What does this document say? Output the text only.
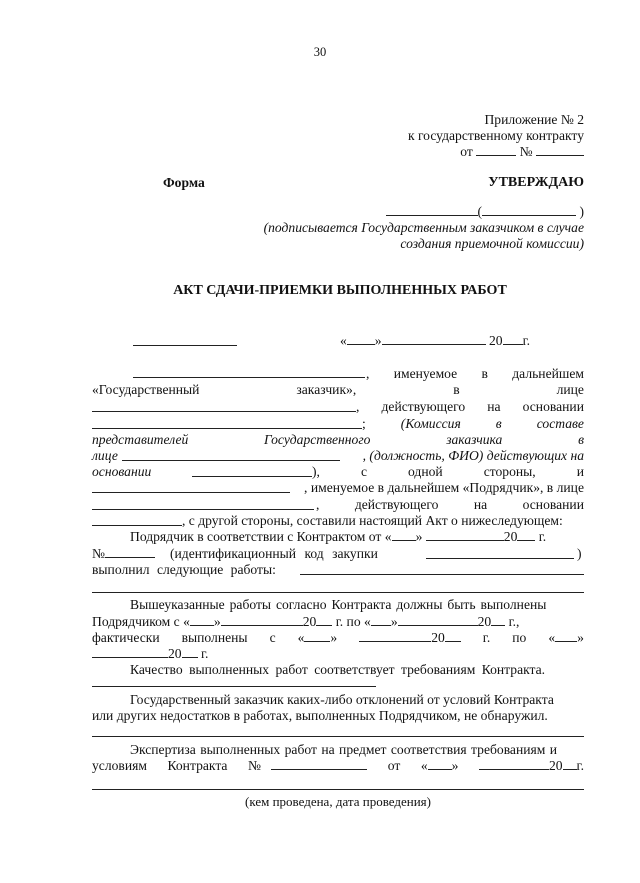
30
Приложение № 2
к государственному контракту
от	№
Форма	УТВЕРЖДАЮ
(	)
(подписывается Государственным заказчиком в случае
создания приемочной комиссии)
АКТ СДАЧИ-ПРИЕМКИ ВЫПОЛНЕННЫХ РАБОТ
« »	20 г.
, именуемое в дальнейшем
«Государственный	заказчик»,	в	лице
, действующего на основании
;	(Комиссия	в	составе
представителей	Государственного	заказчика	в
лице	, (должность, ФИО) действующих на
основании	),	с	одной	стороны,	и
, именуемое в дальнейшем «Подрядчик», в лице
,	действующего	на	основании
, с другой стороны, составили настоящий Акт о нижеследующем:
Подрядчик в соответствии с Контрактом от « »	20 г.
№	(идентификационный код закупки	)
выполнил следующие работы:
Вышеуказанные работы согласно Контракта должны быть выполнены
Подрядчиком с « »	20 г. по « »	20 г.,
фактически выполнены с « »	20	г. по « »
20 г.
Качество выполненных работ соответствует требованиям Контракта.
Государственный заказчик каких-либо отклонений от условий Контракта
или других недостатков в работах, выполненных Подрядчиком, не обнаружил.
Экспертиза выполненных работ на предмет соответствия требованиям и
условиям Контракта №	от « »	20 г.
(кем проведена, дата проведения)
